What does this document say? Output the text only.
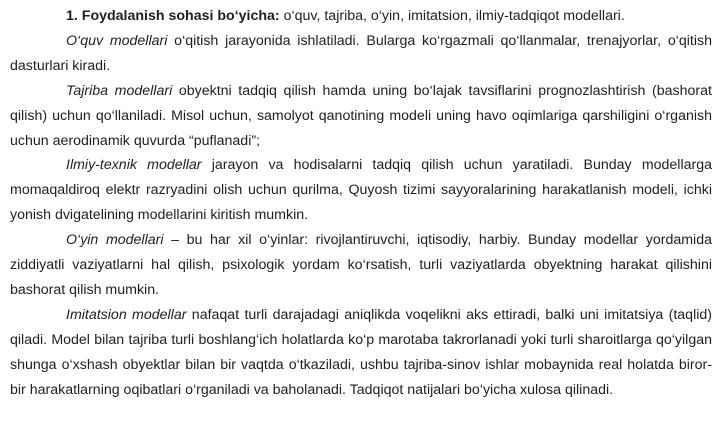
1. Foydalanish sohasi bo‘yicha: o‘quv, tajriba, o‘yin, imitatsion, ilmiy-tadqiqot modellari.

O‘quv modellari o‘qitish jarayonida ishlatiladi. Bularga ko‘rgazmali qo‘llanmalar, trenajyorlar, o‘qitish dasturlari kiradi.

Tajriba modellari obyektni tadqiq qilish hamda uning bo‘lajak tavsiflarini prognozlashtirish (bashorat qilish) uchun qo‘llaniladi. Misol uchun, samolyot qanotining modeli uning havo oqimlariga qarshiligini o‘rganish uchun aerodinamik quvurda “puflanadi”;

Ilmiy-texnik modellar jarayon va hodisalarni tadqiq qilish uchun yaratiladi. Bunday modellarga momaqaldiroq elektr razryadini olish uchun qurilma, Quyosh tizimi sayyoralarining harakatlanish modeli, ichki yonish dvigatelining modellarini kiritish mumkin.

O‘yin modellari – bu har xil o‘yinlar: rivojlantiruvchi, iqtisodiy, harbiy. Bunday modellar yordamida ziddiyatli vaziyatlarni hal qilish, psixologik yordam ko‘rsatish, turli vaziyatlarda obyektning harakat qilishini bashorat qilish mumkin.

Imitatsion modellar nafaqat turli darajadagi aniqlikda voqelikni aks ettiradi, balki uni imitatsiya (taqlid) qiladi. Model bilan tajriba turli boshlang‘ich holatlarda ko‘p marotaba takrorlanadi yoki turli sharoitlarga qo‘yilgan shunga o‘xshash obyektlar bilan bir vaqtda o‘tkaziladi, ushbu tajriba-sinov ishlar mobaynida real holatda biror-bir harakatlarning oqibatlari o‘rganiladi va baholanadi. Tadqiqot natijalari bo‘yicha xulosa qilinadi.
